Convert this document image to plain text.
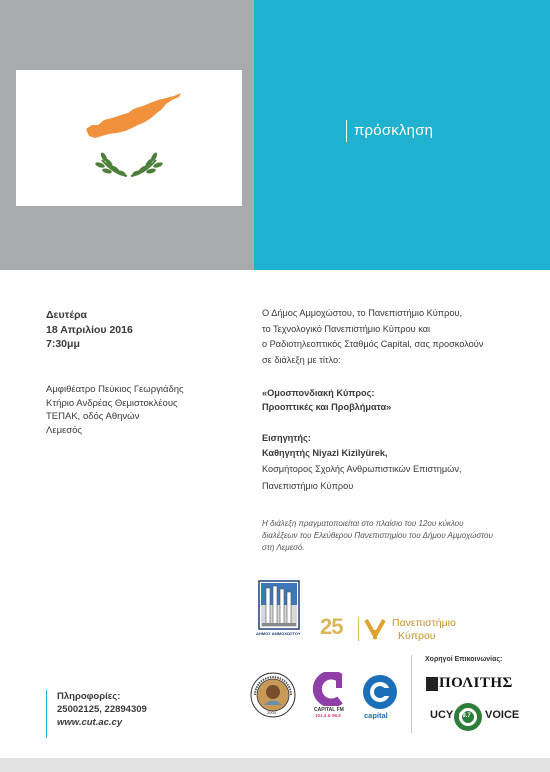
πρόσκληση
Δευτέρα
18 Απριλίου 2016
7:30μμ
Αμφιθέατρο Πεύκιος Γεωργιάδης
Κτήριο Ανδρέας Θεμιστοκλέους
ΤΕΠΑΚ, οδός Αθηνών
Λεμεσός
Ο Δήμος Αμμοχώστου, το Πανεπιστήμιο Κύπρου,
το Τεχνολογικό Πανεπιστήμιο Κύπρου και
ο Ραδιοτηλεοπτικός Σταθμός Capital, σας προσκολούν
σε διάλεξη με τίτλο:
«Ομοσπονδιακή Κύπρος:
Προοπτικές και Προβλήματα»
Εισηγητής:
Καθηγητής Niyazi Kizilyürek,
Κοσμήτορος Σχολής Ανθρωπιστικών Επιστημών,
Πανεπιστήμιο Κύπρου
Η διάλεξη πραγματοποιείται στο πλαίσιο του 12ου κύκλου
διαλέξεων του Ελεύθερου Πανεπιστημίου του Δήμου Αμμοχώστου
στη Λεμεσό.
ΔΗΜΟΣ ΑΜΜΟΧΩΣΤΟΥ 25	Πανεπιστήμιο
Κύπρου
2004	CAPITAL FM
101.4 & 96.9	capital
Χορηγοί Επικοινωνίας:
ΠΟΛΙΤΗΣ
UCY 99.7 VOICE
Πληροφορίες:
25002125, 22894309
www.cut.ac.cy
